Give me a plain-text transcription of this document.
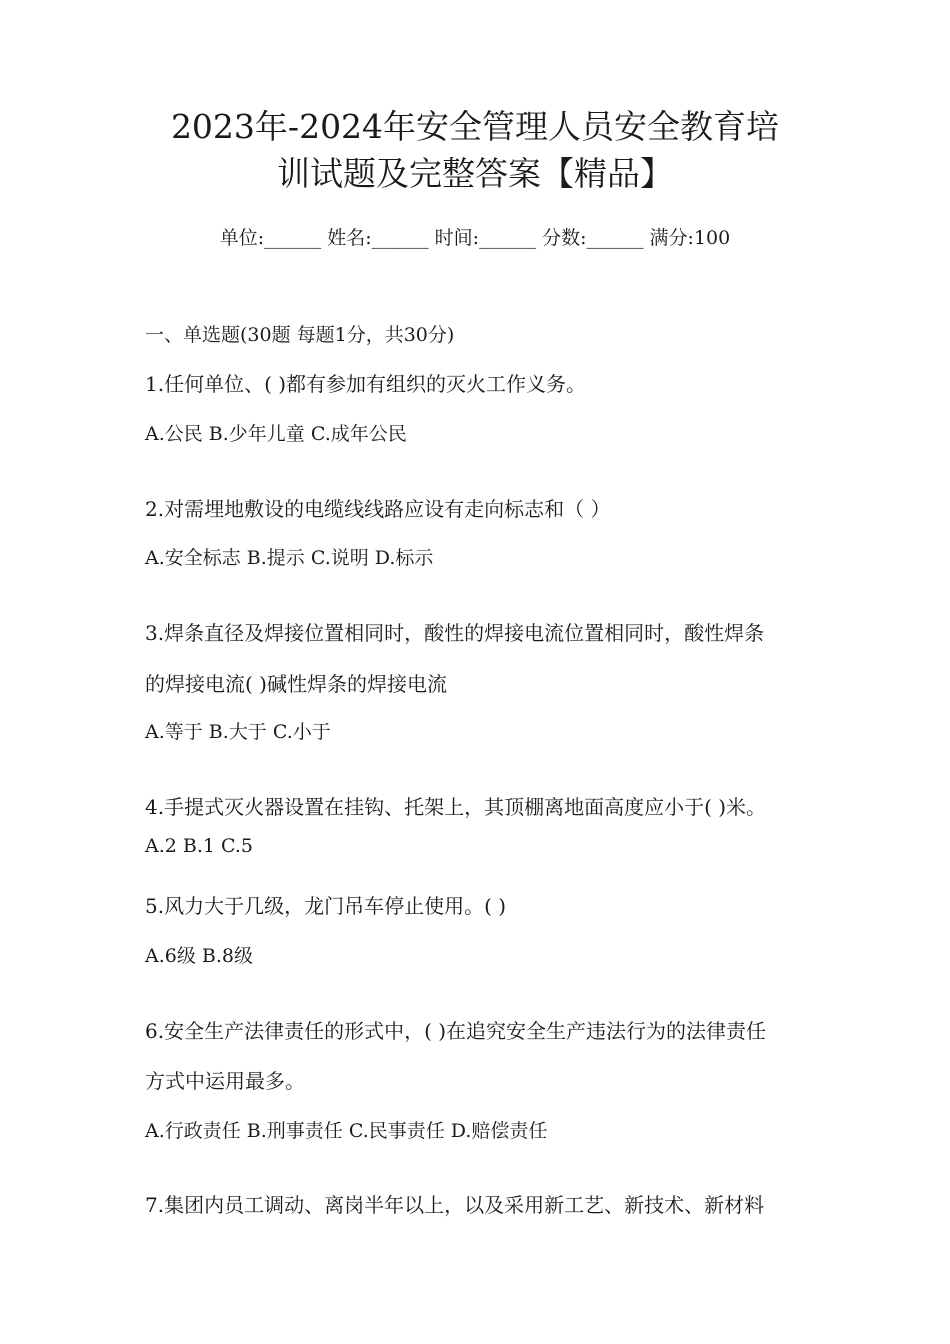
2023年-2024年安全管理人员安全教育培
训试题及完整答案【精品】
单位:______ 姓名:______ 时间:______ 分数:______ 满分:100
一、单选题(30题 每题1分，共30分)
1.任何单位、( )都有参加有组织的灭火工作义务。
A.公民 B.少年儿童 C.成年公民
2.对需埋地敷设的电缆线线路应设有走向标志和（ ）
A.安全标志 B.提示 C.说明 D.标示
3.焊条直径及焊接位置相同时，酸性的焊接电流位置相同时，酸性焊条
的焊接电流( )碱性焊条的焊接电流
A.等于 B.大于 C.小于
4.手提式灭火器设置在挂钩、托架上，其顶棚离地面高度应小于( )米。
A.2 B.1 C.5
5.风力大于几级，龙门吊车停止使用。( )
A.6级 B.8级
6.安全生产法律责任的形式中，( )在追究安全生产违法行为的法律责任
方式中运用最多。
A.行政责任 B.刑事责任 C.民事责任 D.赔偿责任
7.集团内员工调动、离岗半年以上，以及采用新工艺、新技术、新材料
